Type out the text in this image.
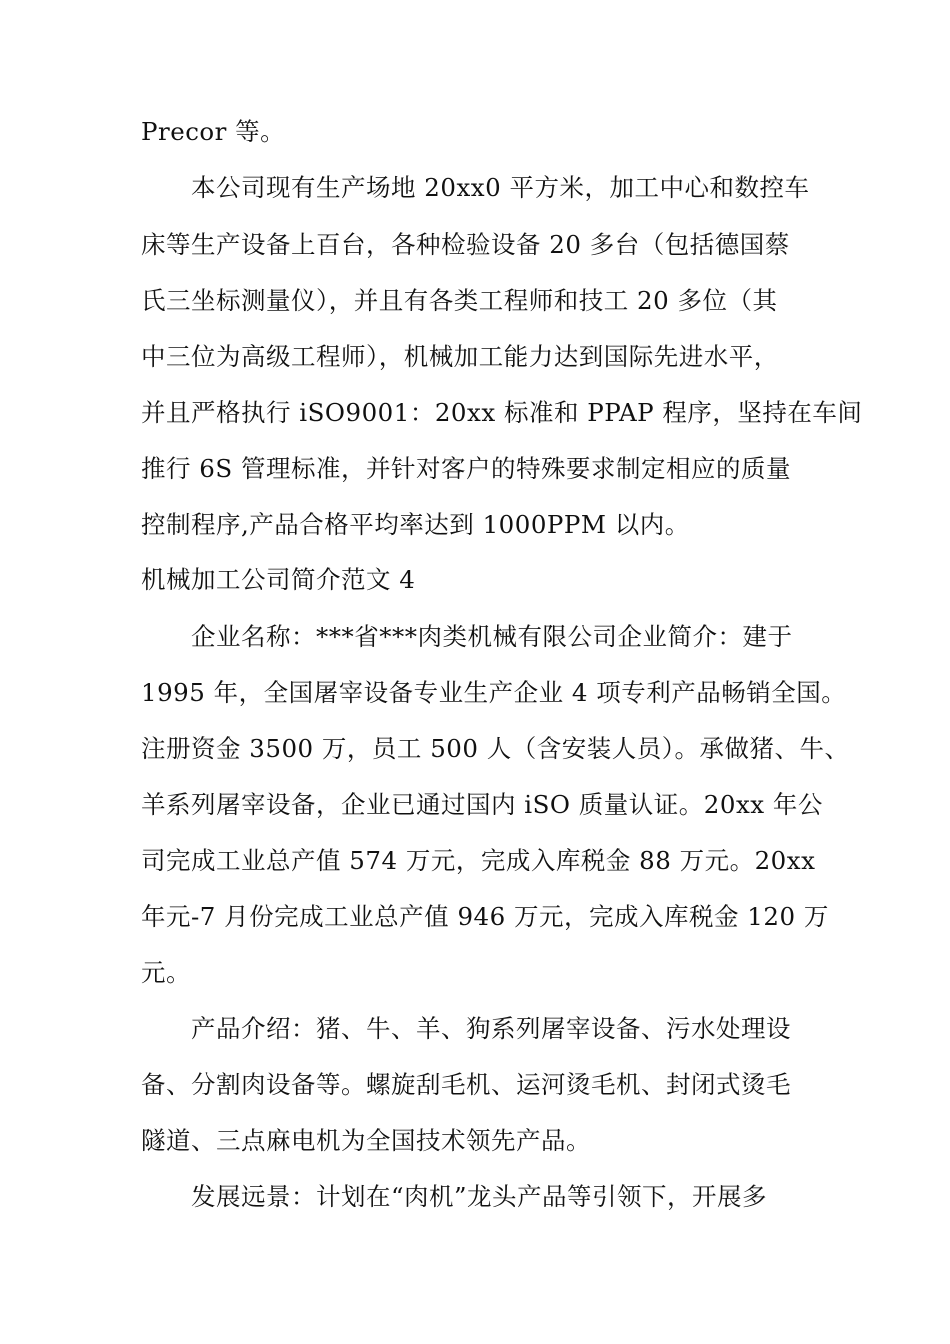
Precor 等。

本公司现有生产场地 20xx0 平方米，加工中心和数控车

床等生产设备上百台，各种检验设备 20 多台（包括德国蔡

氏三坐标测量仪），并且有各类工程师和技工 20 多位（其

中三位为高级工程师），机械加工能力达到国际先进水平，

并且严格执行 iSO9001：20xx 标准和 PPAP 程序，坚持在车间

推行 6S 管理标准，并针对客户的特殊要求制定相应的质量

控制程序,产品合格平均率达到 1000PPM 以内。

机械加工公司简介范文 4

企业名称：***省***肉类机械有限公司企业简介：建于

1995 年，全国屠宰设备专业生产企业 4 项专利产品畅销全国。

注册资金 3500 万，员工 500 人（含安装人员）。承做猪、牛、

羊系列屠宰设备，企业已通过国内 iSO 质量认证。20xx 年公

司完成工业总产值 574 万元，完成入库税金 88 万元。20xx

年元-7 月份完成工业总产值 946 万元，完成入库税金 120 万

元。

产品介绍：猪、牛、羊、狗系列屠宰设备、污水处理设

备、分割肉设备等。螺旋刮毛机、运河烫毛机、封闭式烫毛

隧道、三点麻电机为全国技术领先产品。

发展远景：计划在“肉机”龙头产品等引领下，开展多
